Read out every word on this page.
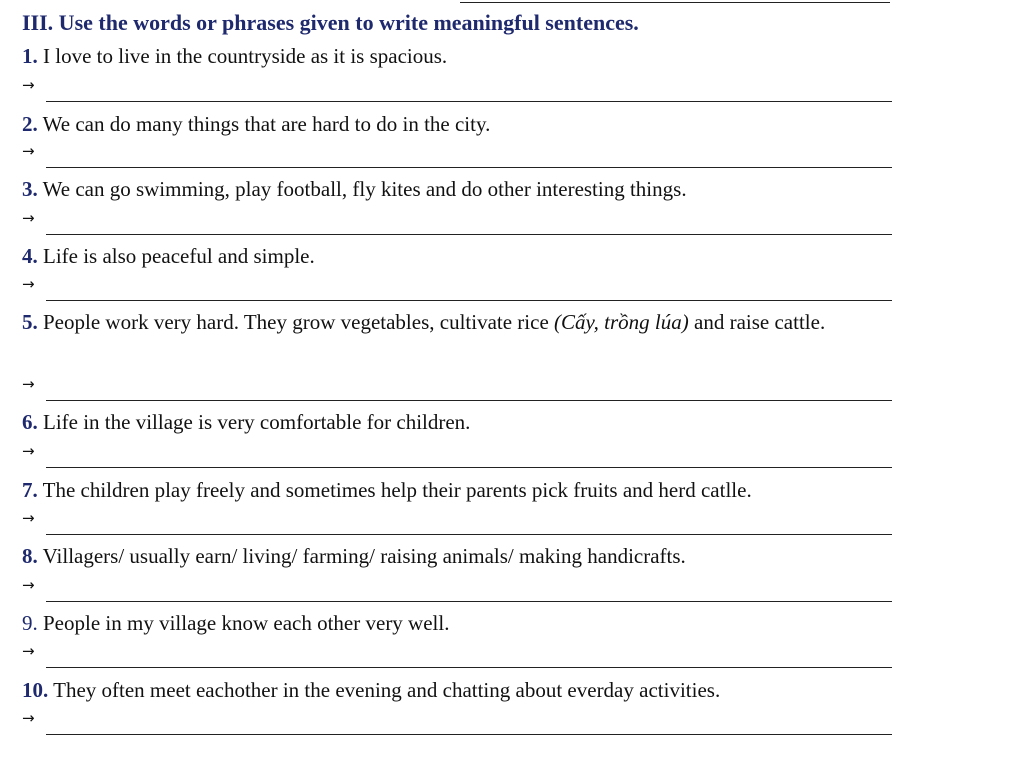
III. Use the words or phrases given to write meaningful sentences.
1. I love to live in the countryside as it is spacious.
→
2. We can do many things that are hard to do in the city.
→
3. We can go swimming, play football, fly kites and do other interesting things.
→
4. Life is also peaceful and simple.
→
5. People work very hard. They grow vegetables, cultivate rice (Cấy, trồng lúa) and raise cattle.
→
6. Life in the village is very comfortable for children.
→
7. The children play freely and sometimes help their parents pick fruits and herd catlle.
→
8. Villagers/ usually earn/ living/ farming/ raising animals/ making handicrafts.
→
9. People in my village know each other very well.
→
10. They often meet eachother in the evening and chatting about everday activities.
→
